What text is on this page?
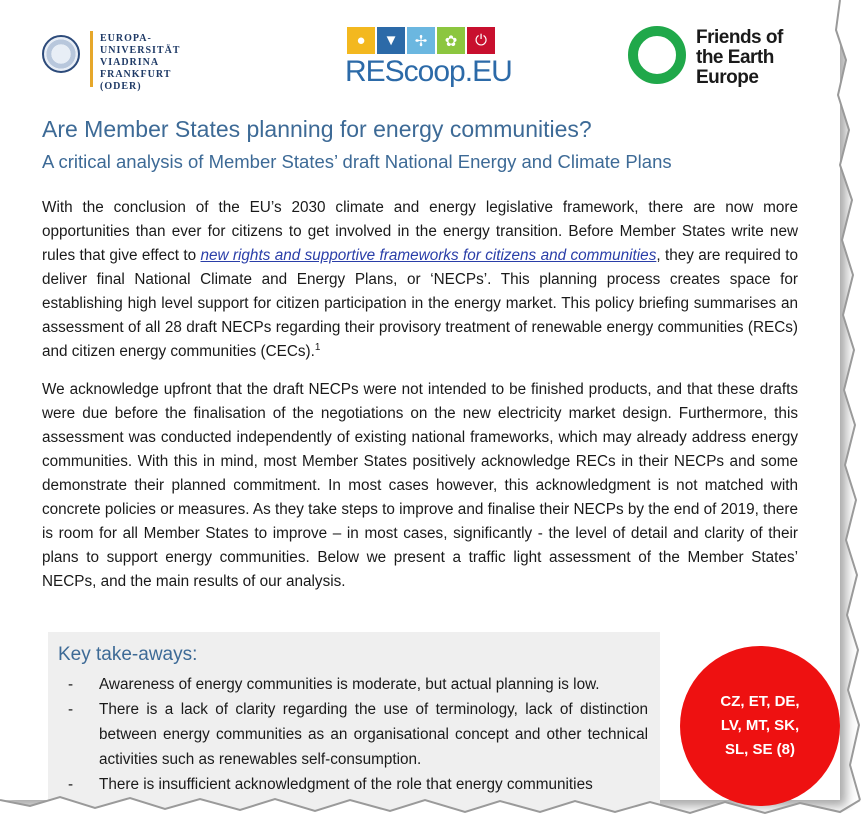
EUROPA-
UNIVERSITÄT
VIADRINA
FRANKFURT
(ODER)
●	▼	✢	✿	⏻
REScoop.EU
Friends of
the Earth
Europe
Are Member States planning for energy communities?
A critical analysis of Member States’ draft National Energy and Climate Plans
With the conclusion of the EU’s 2030 climate and energy legislative framework, there are now more opportunities than ever for citizens to get involved in the energy transition. Before Member States write new rules that give effect to new rights and supportive frameworks for citizens and communities, they are required to deliver final National Climate and Energy Plans, or ‘NECPs’. This planning process creates space for establishing high level support for citizen participation in the energy market. This policy briefing summarises an assessment of all 28 draft NECPs regarding their provisory treatment of renewable energy communities (RECs) and citizen energy communities (CECs).$^1$
We acknowledge upfront that the draft NECPs were not intended to be finished products, and that these drafts were due before the finalisation of the negotiations on the new electricity market design. Furthermore, this assessment was conducted independently of existing national frameworks, which may already address energy communities. With this in mind, most Member States positively acknowledge RECs in their NECPs and some demonstrate their planned commitment. In most cases however, this acknowledgment is not matched with concrete policies or measures. As they take steps to improve and finalise their NECPs by the end of 2019, there is room for all Member States to improve – in most cases, significantly - the level of detail and clarity of their plans to support energy communities. Below we present a traffic light assessment of the Member States’ NECPs, and the main results of our analysis.
Key take-aways:
- Awareness of energy communities is moderate, but actual planning is low.
- There is a lack of clarity regarding the use of terminology, lack of distinction between energy communities as an organisational concept and other technical activities such as renewables self-consumption.
- There is insufficient acknowledgment of the role that energy communities
CZ, ET, DE, LV, MT, SK, SL, SE (8)
